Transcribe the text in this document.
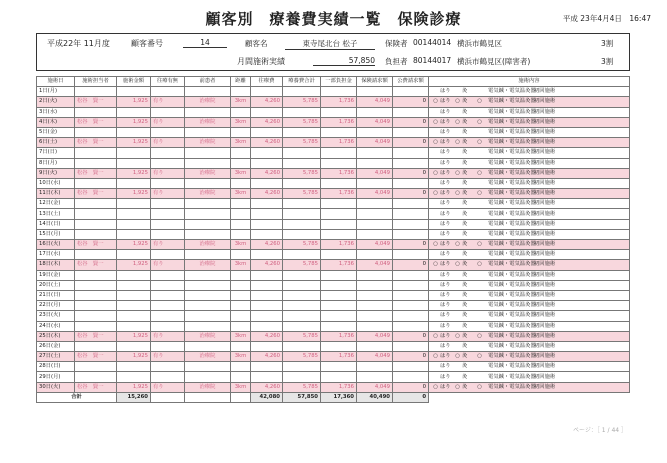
顧客別　療養費実績一覧　保険診療	平成 23年4月4日　16:47
平成22年 11月度	顧客番号	14	顧客名	東寺尾北台 松子	保険者 00144014 横浜市鶴見区	3割
月間施術実績	57,850 負担者 80144017 横浜市鶴見区(障害者)	3割
施術日	施術担当者	施術金額	往療有無	前患者	距離	往療費	療養費合計	一部負担金	保険請求額	公費請求額	施術内容
1日(月)											はり 灸 電気鍼・電気温灸器初回施術
2日(火)	松谷　賢一	1,925	有り	治療院	3km	4,260	5,785	1,736	4,049	0	○ はり ○ 灸 ○ 電気鍼・電気温灸器初回施術
3日(水)											はり 灸 電気鍼・電気温灸器初回施術
4日(木)	松谷　賢一	1,925	有り	治療院	3km	4,260	5,785	1,736	4,049	0	○ はり ○ 灸 ○ 電気鍼・電気温灸器初回施術
5日(金)											はり 灸 電気鍼・電気温灸器初回施術
6日(土)	松谷　賢一	1,925	有り	治療院	3km	4,260	5,785	1,736	4,049	0	○ はり ○ 灸 ○ 電気鍼・電気温灸器初回施術
7日(日)											はり 灸 電気鍼・電気温灸器初回施術
8日(月)											はり 灸 電気鍼・電気温灸器初回施術
9日(火)	松谷　賢一	1,925	有り	治療院	3km	4,260	5,785	1,736	4,049	0	○ はり ○ 灸 ○ 電気鍼・電気温灸器初回施術
10日(水)											はり 灸 電気鍼・電気温灸器初回施術
11日(木)	松谷　賢一	1,925	有り	治療院	3km	4,260	5,785	1,736	4,049	0	○ はり ○ 灸 ○ 電気鍼・電気温灸器初回施術
12日(金)											はり 灸 電気鍼・電気温灸器初回施術
13日(土)											はり 灸 電気鍼・電気温灸器初回施術
14日(日)											はり 灸 電気鍼・電気温灸器初回施術
15日(月)											はり 灸 電気鍼・電気温灸器初回施術
16日(火)	松谷　賢一	1,925	有り	治療院	3km	4,260	5,785	1,736	4,049	0	○ はり ○ 灸 ○ 電気鍼・電気温灸器初回施術
17日(水)											はり 灸 電気鍼・電気温灸器初回施術
18日(木)	松谷　賢一	1,925	有り	治療院	3km	4,260	5,785	1,736	4,049	0	○ はり ○ 灸 ○ 電気鍼・電気温灸器初回施術
19日(金)											はり 灸 電気鍼・電気温灸器初回施術
20日(土)											はり 灸 電気鍼・電気温灸器初回施術
21日(日)											はり 灸 電気鍼・電気温灸器初回施術
22日(月)											はり 灸 電気鍼・電気温灸器初回施術
23日(火)											はり 灸 電気鍼・電気温灸器初回施術
24日(水)											はり 灸 電気鍼・電気温灸器初回施術
25日(木)	松谷　賢一	1,925	有り	治療院	3km	4,260	5,785	1,736	4,049	0	○ はり ○ 灸 ○ 電気鍼・電気温灸器初回施術
26日(金)											はり 灸 電気鍼・電気温灸器初回施術
27日(土)	松谷　賢一	1,925	有り	治療院	3km	4,260	5,785	1,736	4,049	0	○ はり ○ 灸 ○ 電気鍼・電気温灸器初回施術
28日(日)											はり 灸 電気鍼・電気温灸器初回施術
29日(月)											はり 灸 電気鍼・電気温灸器初回施術
30日(火)	松谷　賢一	1,925	有り	治療院	3km	4,260	5,785	1,736	4,049	0	○ はり ○ 灸 ○ 電気鍼・電気温灸器初回施術
合計		15,260				42,080	57,850	17,360	40,490	0	
ページ：［ 1 / 44 ］
